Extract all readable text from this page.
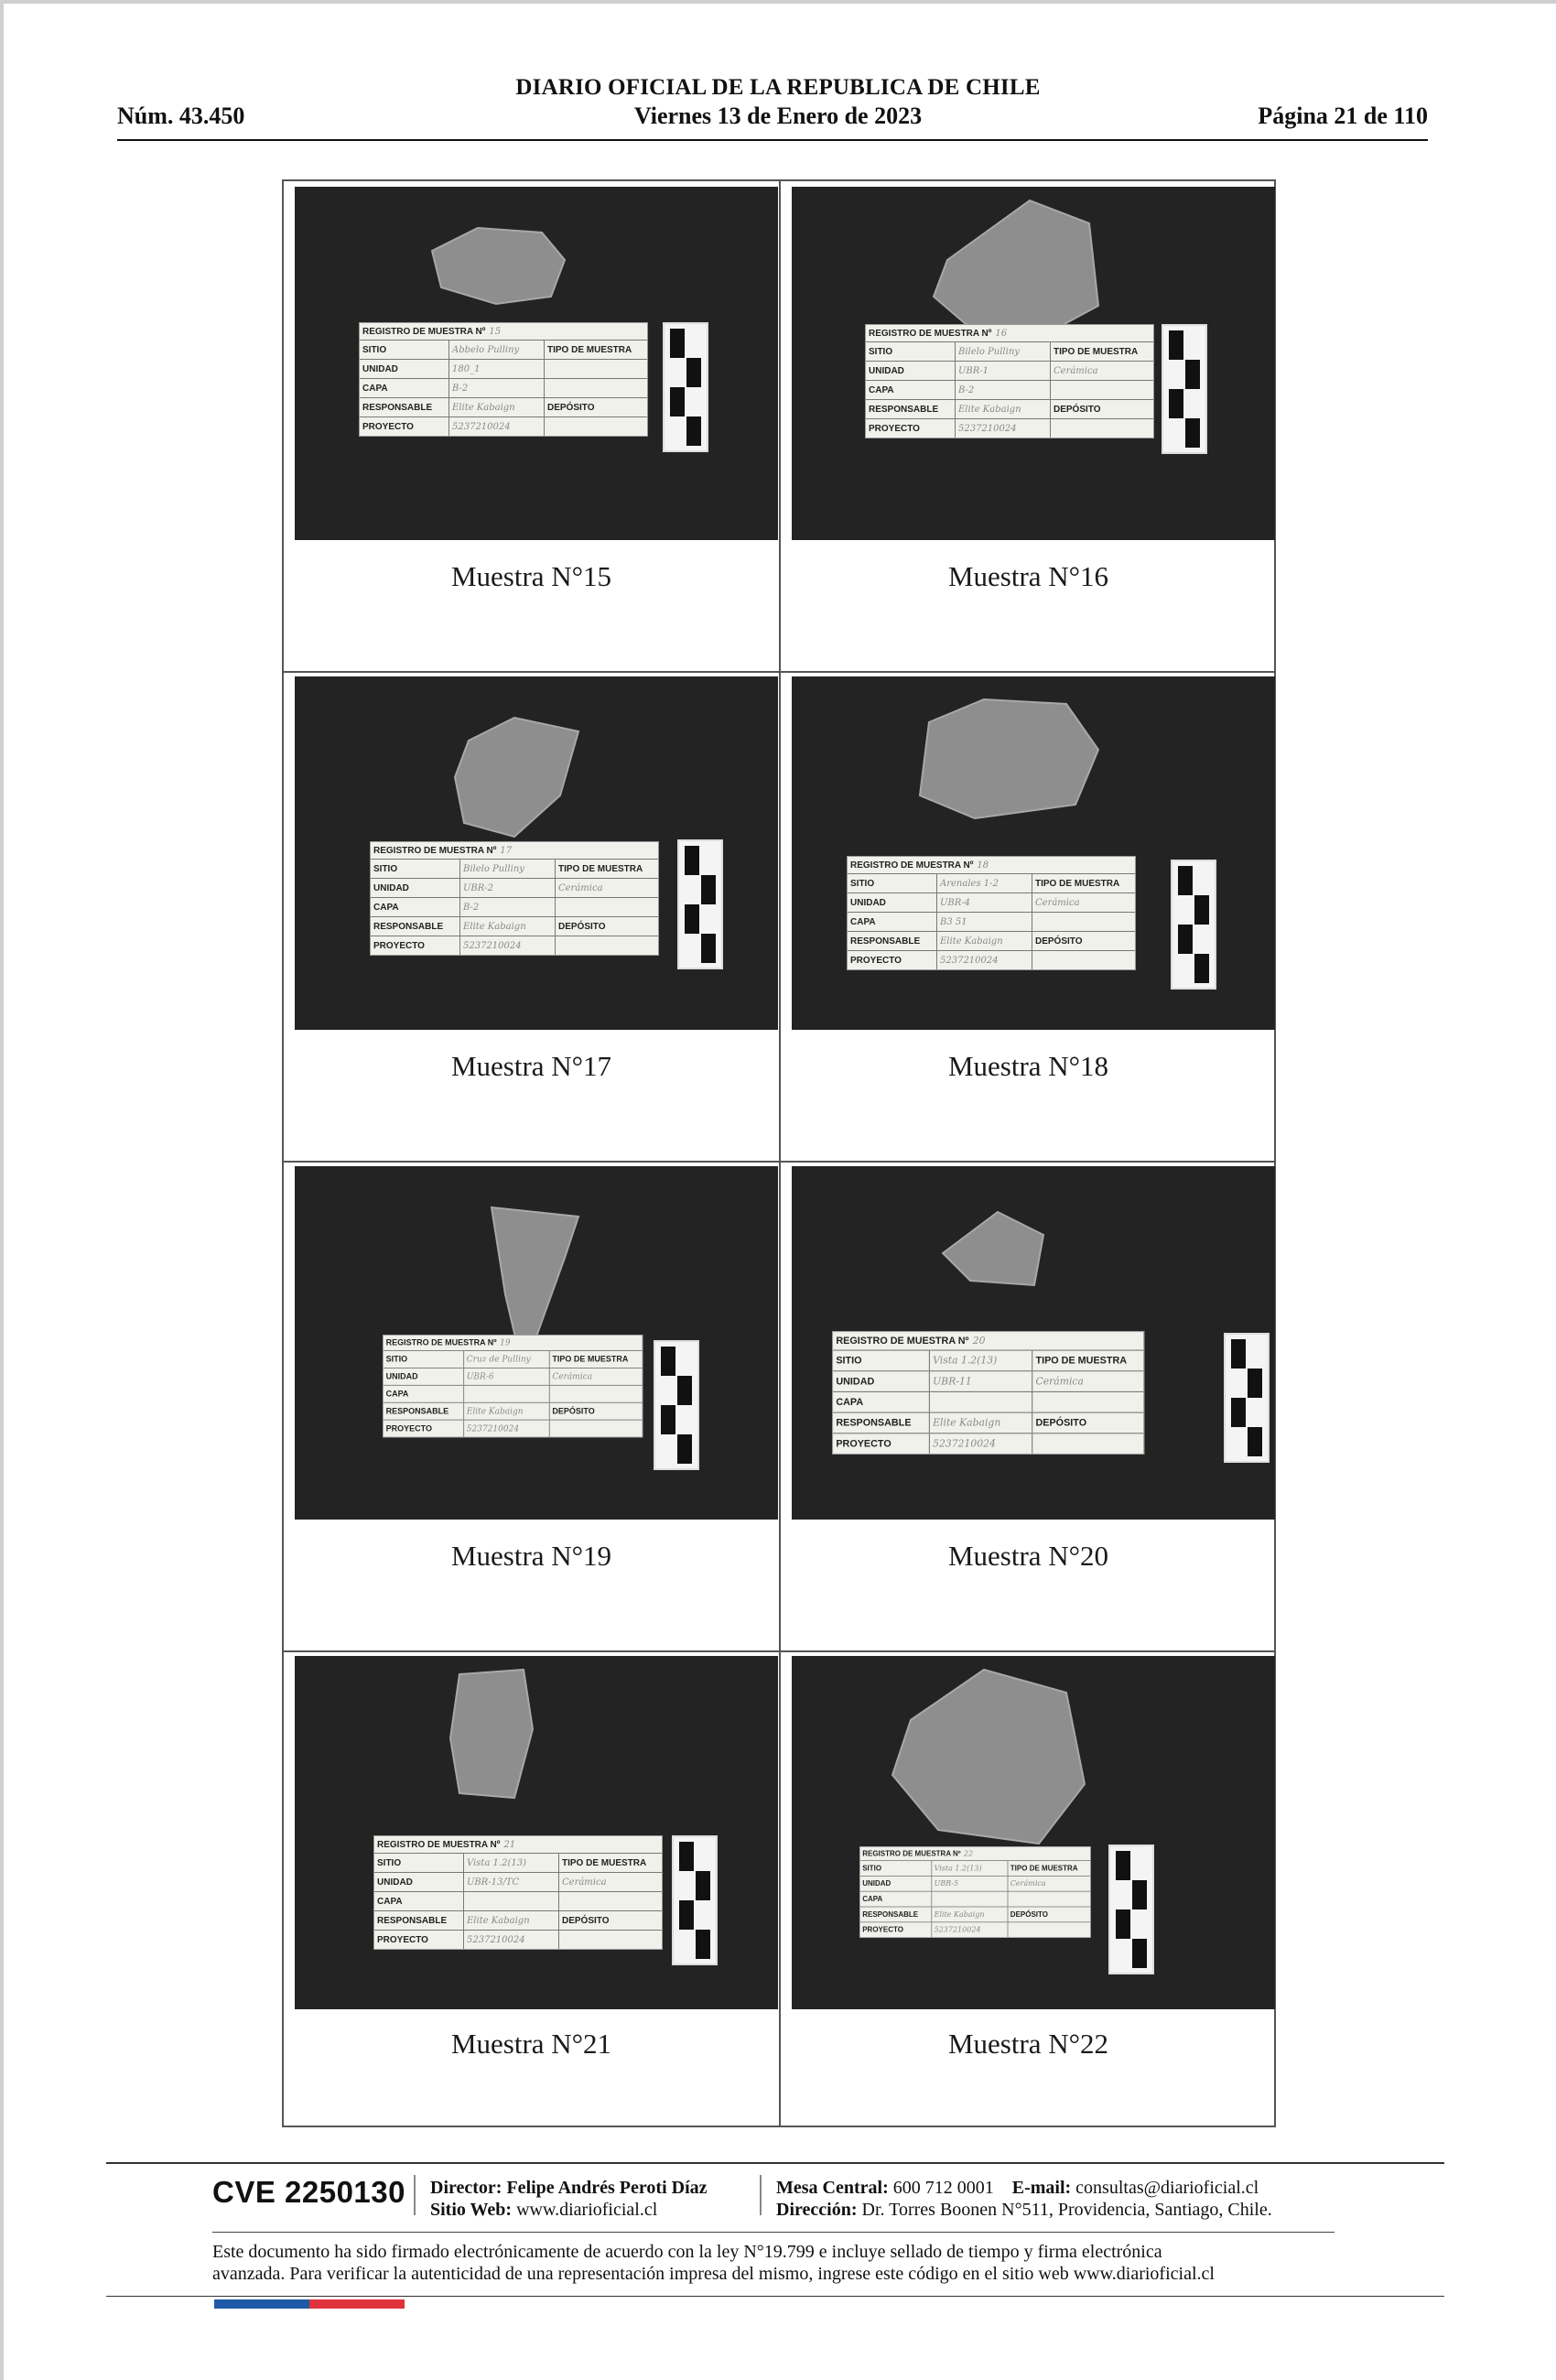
DIARIO OFICIAL DE LA REPUBLICA DE CHILE
Núm. 43.450	Viernes 13 de Enero de 2023	Página 21 de 110
REGISTRO DE MUESTRA Nº 15
SITIO	Abbelo Pulliny	TIPO DE MUESTRA
UNIDAD	180_1
CAPA	B-2
RESPONSABLE	Elite Kabaign	DEPÓSITO
PROYECTO	5237210024
Muestra N°15
REGISTRO DE MUESTRA Nº 16
SITIO	Bilelo Pulliny	TIPO DE MUESTRA
UNIDAD	UBR-1	Cerámica
CAPA	B-2
RESPONSABLE	Elite Kabaign	DEPÓSITO
PROYECTO	5237210024
Muestra N°16
REGISTRO DE MUESTRA Nº 17
SITIO	Bilelo Pulliny	TIPO DE MUESTRA
UNIDAD	UBR-2	Cerámica
CAPA	B-2
RESPONSABLE	Elite Kabaign	DEPÓSITO
PROYECTO	5237210024
Muestra N°17
REGISTRO DE MUESTRA Nº 18
SITIO	Arenales 1-2	TIPO DE MUESTRA
UNIDAD	UBR-4	Cerámica
CAPA	B3 51
RESPONSABLE	Elite Kabaign	DEPÓSITO
PROYECTO	5237210024
Muestra N°18
REGISTRO DE MUESTRA Nº 19
SITIO	Cruz de Pulliny	TIPO DE MUESTRA
UNIDAD	UBR-6	Cerámica
CAPA
RESPONSABLE	Elite Kabaign	DEPÓSITO
PROYECTO	5237210024
Muestra N°19
REGISTRO DE MUESTRA Nº 20
SITIO	Vista 1.2(13)	TIPO DE MUESTRA
UNIDAD	UBR-11	Cerámica
CAPA
RESPONSABLE	Elite Kabaign	DEPÓSITO
PROYECTO	5237210024
Muestra N°20
REGISTRO DE MUESTRA Nº 21
SITIO	Vista 1.2(13)	TIPO DE MUESTRA
UNIDAD	UBR-13/TC	Cerámica
CAPA
RESPONSABLE	Elite Kabaign	DEPÓSITO
PROYECTO	5237210024
Muestra N°21
REGISTRO DE MUESTRA Nº 22
SITIO	Vista 1.2(13)	TIPO DE MUESTRA
UNIDAD	UBR-5	Cerámica
CAPA
RESPONSABLE	Elite Kabaign	DEPÓSITO
PROYECTO	5237210024
Muestra N°22
CVE 2250130 Director: Felipe Andrés Peroti Díaz
Sitio Web: www.diarioficial.cl
Mesa Central: 600 712 0001 E-mail: consultas@diarioficial.cl
Dirección: Dr. Torres Boonen N°511, Providencia, Santiago, Chile.
Este documento ha sido firmado electrónicamente de acuerdo con la ley N°19.799 e incluye sellado de tiempo y firma electrónica
avanzada. Para verificar la autenticidad de una representación impresa del mismo, ingrese este código en el sitio web www.diarioficial.cl
